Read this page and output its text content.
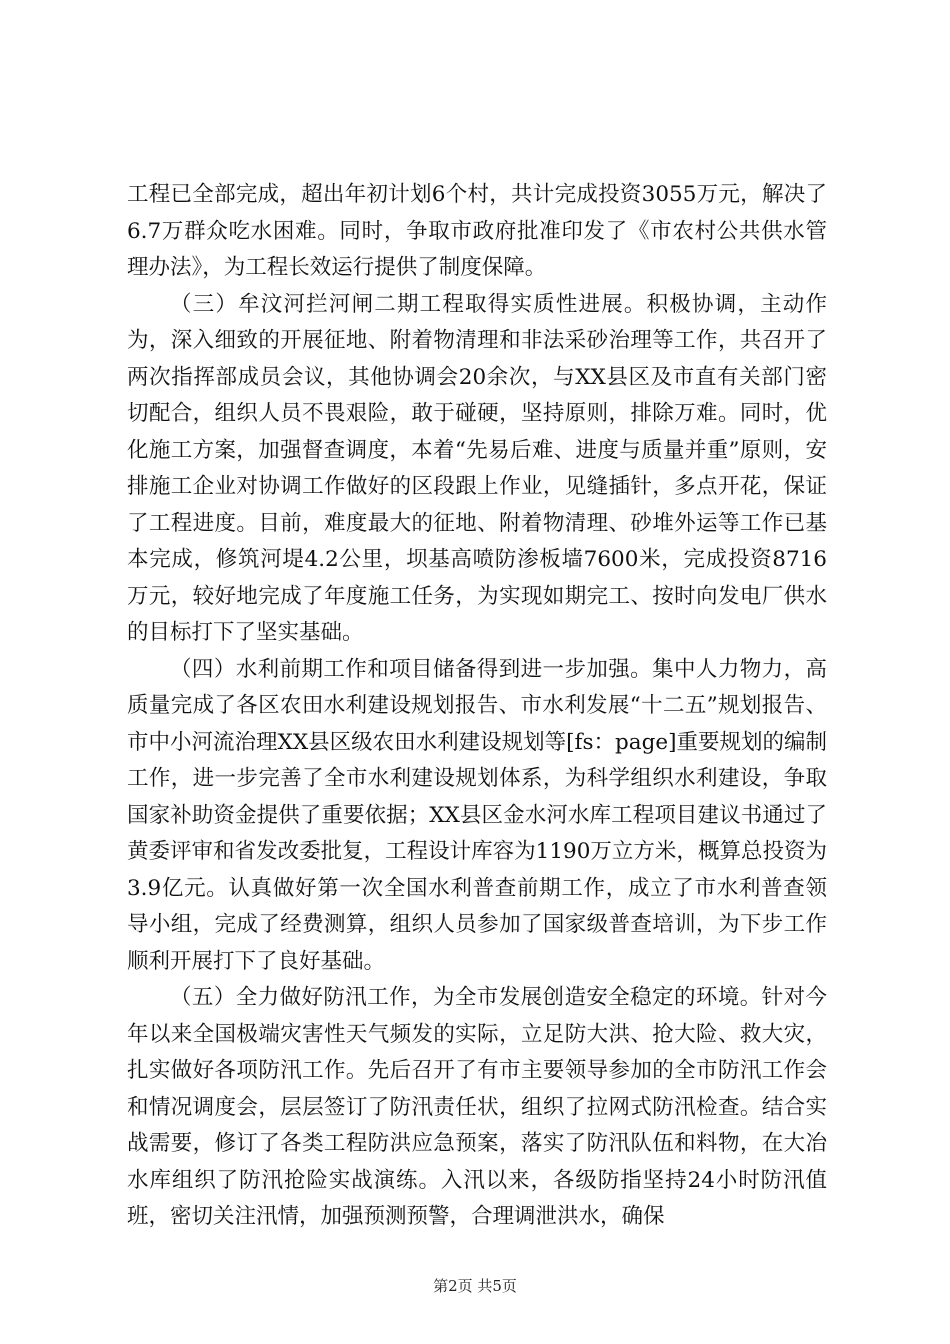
工程已全部完成，超出年初计划6个村，共计完成投资3055万元，解决了6.7万群众吃水困难。同时，争取市政府批准印发了《市农村公共供水管理办法》，为工程长效运行提供了制度保障。

（三）牟汶河拦河闸二期工程取得实质性进展。积极协调，主动作为，深入细致的开展征地、附着物清理和非法采砂治理等工作，共召开了两次指挥部成员会议，其他协调会20余次，与XX县区及市直有关部门密切配合，组织人员不畏艰险，敢于碰硬，坚持原则，排除万难。同时，优化施工方案，加强督查调度，本着“先易后难、进度与质量并重”原则，安排施工企业对协调工作做好的区段跟上作业，见缝插针，多点开花，保证了工程进度。目前，难度最大的征地、附着物清理、砂堆外运等工作已基本完成，修筑河堤4.2公里，坝基高喷防渗板墙7600米，完成投资8716万元，较好地完成了年度施工任务，为实现如期完工、按时向发电厂供水的目标打下了坚实基础。

（四）水利前期工作和项目储备得到进一步加强。集中人力物力，高质量完成了各区农田水利建设规划报告、市水利发展“十二五”规划报告、市中小河流治理XX县区级农田水利建设规划等[fs：page]重要规划的编制工作，进一步完善了全市水利建设规划体系，为科学组织水利建设，争取国家补助资金提供了重要依据；XX县区金水河水库工程项目建议书通过了黄委评审和省发改委批复，工程设计库容为1190万立方米，概算总投资为3.9亿元。认真做好第一次全国水利普查前期工作，成立了市水利普查领导小组，完成了经费测算，组织人员参加了国家级普查培训，为下步工作顺利开展打下了良好基础。

（五）全力做好防汛工作，为全市发展创造安全稳定的环境。针对今年以来全国极端灾害性天气频发的实际，立足防大洪、抢大险、救大灾，扎实做好各项防汛工作。先后召开了有市主要领导参加的全市防汛工作会和情况调度会，层层签订了防汛责任状，组织了拉网式防汛检查。结合实战需要，修订了各类工程防洪应急预案，落实了防汛队伍和料物，在大冶水库组织了防汛抢险实战演练。入汛以来，各级防指坚持24小时防汛值班，密切关注汛情，加强预测预警，合理调泄洪水，确保

第2页 共5页
